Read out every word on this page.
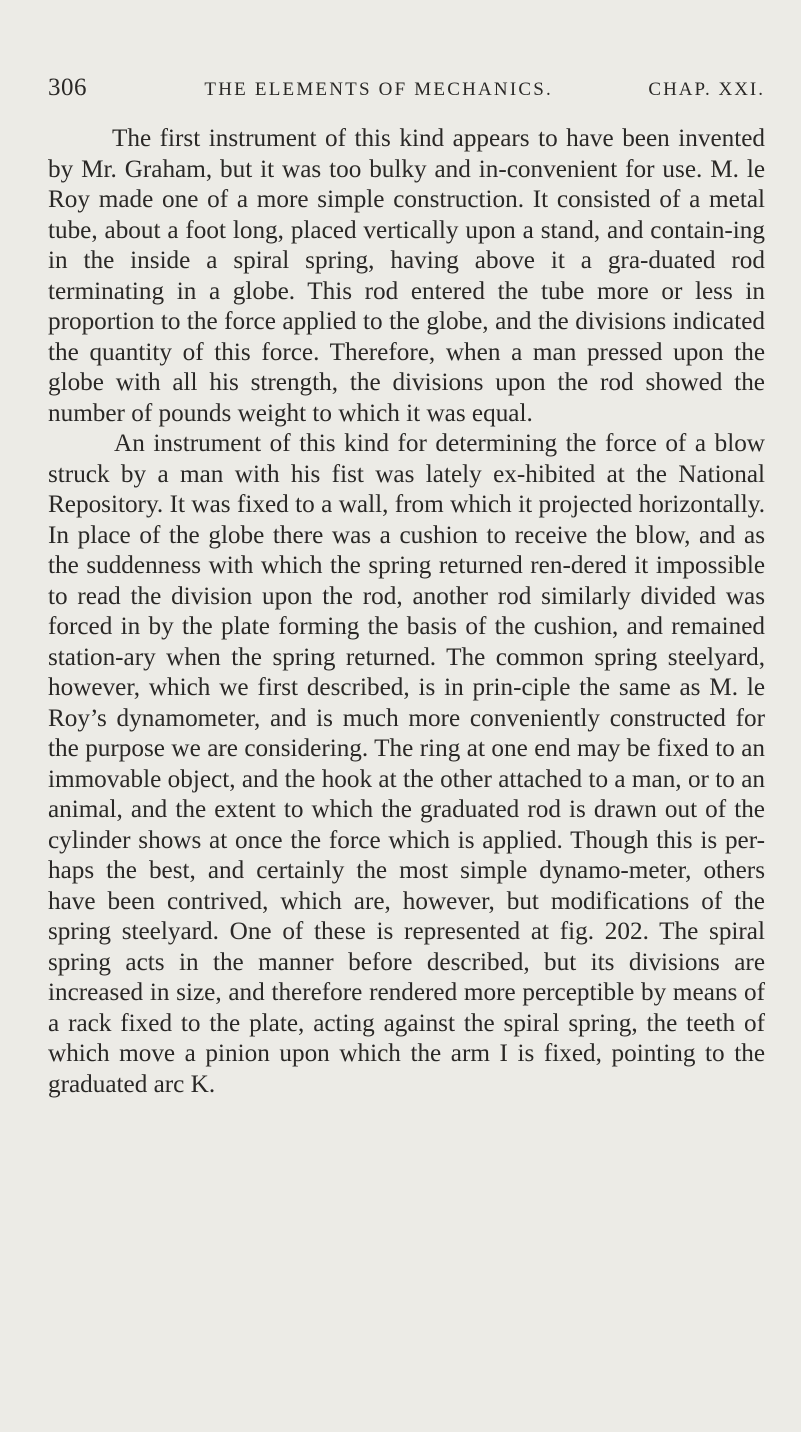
306	THE ELEMENTS OF MECHANICS.	CHAP. XXI.

The first instrument of this kind appears to have been invented by Mr. Graham, but it was too bulky and in-convenient for use. M. le Roy made one of a more simple construction. It consisted of a metal tube, about a foot long, placed vertically upon a stand, and contain-ing in the inside a spiral spring, having above it a gra-duated rod terminating in a globe. This rod entered the tube more or less in proportion to the force applied to the globe, and the divisions indicated the quantity of this force. Therefore, when a man pressed upon the globe with all his strength, the divisions upon the rod showed the number of pounds weight to which it was equal.

An instrument of this kind for determining the force of a blow struck by a man with his fist was lately ex-hibited at the National Repository. It was fixed to a wall, from which it projected horizontally. In place of the globe there was a cushion to receive the blow, and as the suddenness with which the spring returned ren-dered it impossible to read the division upon the rod, another rod similarly divided was forced in by the plate forming the basis of the cushion, and remained station-ary when the spring returned. The common spring steelyard, however, which we first described, is in prin-ciple the same as M. le Roy’s dynamometer, and is much more conveniently constructed for the purpose we are considering. The ring at one end may be fixed to an immovable object, and the hook at the other attached to a man, or to an animal, and the extent to which the graduated rod is drawn out of the cylinder shows at once the force which is applied. Though this is per-haps the best, and certainly the most simple dynamo-meter, others have been contrived, which are, however, but modifications of the spring steelyard. One of these is represented at fig. 202. The spiral spring acts in the manner before described, but its divisions are increased in size, and therefore rendered more perceptible by means of a rack fixed to the plate, acting against the spiral spring, the teeth of which move a pinion upon which the arm I is fixed, pointing to the graduated arc K.
